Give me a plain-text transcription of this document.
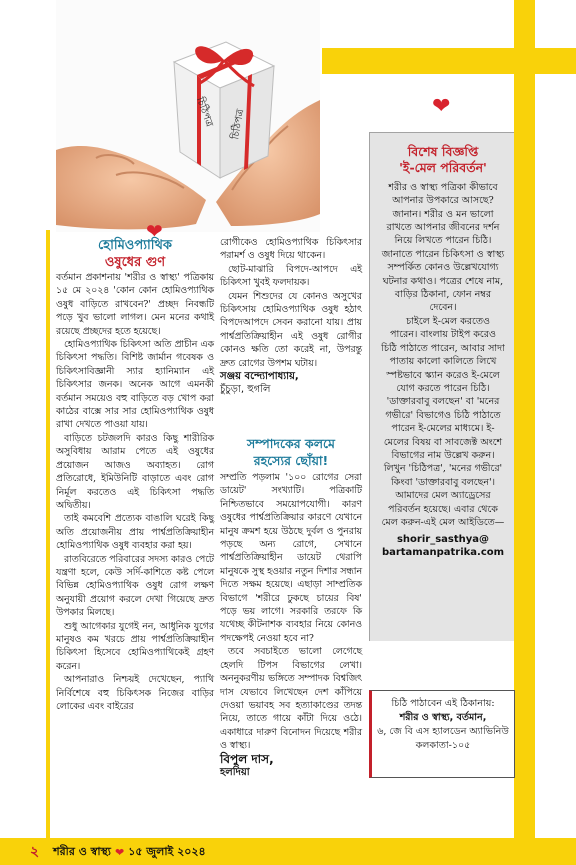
চিঠিপত্র চিঠিপত্র
❤
❤
হোমিওপ্যাথিক
ওষুধের গুণ

বর্তমান প্রকাশনায় 'শরীর ও স্বাস্থ্য' পত্রিকায় ১৫ মে ২০২৪ 'কোন কোন হোমিওপ্যাথিক ওষুধ বাড়িতে রাখবেন?' প্রচ্ছদ নিবন্ধটি পড়ে খুব ভালো লাগল। মেন মনের কথাই রয়েছে প্রচ্ছদের হতে হয়েছে।

হোমিওপ্যাথিক চিকিৎসা অতি প্রাচীন এক চিকিৎসা পদ্ধতি। বিশিষ্ট জার্মান গবেষক ও চিকিৎসাবিজ্ঞানী স্যার হ্যানিম্যান এই চিকিৎসার জনক। অনেক আগে এমনকী বর্তমান সময়েও বহু বাড়িতে বড় খোপ করা কাঠের বাক্সে সার সার হোমিওপ্যাথিক ওষুধ রাখা দেখতে পাওয়া যায়।

বাড়িতে চটজলদি কারও কিছু শারীরিক অসুবিধায় আরাম পেতে এই ওষুধের প্রয়োজন আজও অব্যাহত। রোগ প্রতিরোধে, ইমিউনিটি বাড়াতে এবং রোগ নির্মূল করতেও এই চিকিৎসা পদ্ধতি অদ্বিতীয়।

তাই কমবেশি প্রত্যেক বাঙালি ঘরেই কিছু অতি প্রয়োজনীয় প্রায় পার্শ্বপ্রতিক্রিয়াহীন হোমিওপ্যাথিক ওষুধ ব্যবহার করা হয়।

রাতবিরেতে পরিবারের সদস্য কারও পেটে যন্ত্রণা হলে, কেউ সর্দি-কাশিতে কষ্ট পেলে বিভিন্ন হোমিওপ্যাথিক ওষুধ রোগ লক্ষণ অনুযায়ী প্রয়োগ করলে দেখা গিয়েছে দ্রুত উপকার মিলছে।

শুধু আগেকার যুগেই নন, আধুনিক যুগের মানুষও কম খরচে প্রায় পার্শ্বপ্রতিক্রিয়াহীন চিকিৎসা হিসেবে হোমিওপ্যাথিকেই গ্রহণ করেন।

আপনারাও নিশ্চয়ই দেখেছেন, প্যাথি নির্বিশেষে বহু চিকিৎসক নিজের বাড়ির লোকের এবং বাইরের

রোগীকেও হোমিওপ্যাথিক চিকিৎসার পরামর্শ ও ওষুধ দিয়ে থাকেন।

ছোট-মাঝারি বিপদে-আপদে এই চিকিৎসা খুবই ফলদায়ক।

যেমন শিশুদের যে কোনও অসুখের চিকিৎসায় হোমিওপ্যাথিক ওষুধ হঠাৎ বিপদেআপদে সেবন করানো যায়। প্রায় পার্শ্বপ্রতিক্রিয়াহীন এই ওষুধ রোগীর কোনও ক্ষতি তো করেই না, উপরন্তু দ্রুত রোগের উপশম ঘটায়।

সঞ্জয় বন্দ্যোপাধ্যায়,

চুঁচুড়া, হুগলি

সম্পাদকের কলমে
রহস্যের ছোঁয়া!

সম্প্রতি পড়লাম '১০০ রোগের সেরা ডায়েট' সংখ্যাটি। পত্রিকাটি নিশ্চিতভাবে সময়োপযোগী। কারণ ওষুধের পার্শ্বপ্রতিক্রিয়ার কারণে যেখানে মানুষ ক্রমশ হয়ে উঠছে দুর্বল ও পুনরায় পড়ছে অন্য রোগে, সেখানে পার্শ্বপ্রতিক্রিয়াহীন ডায়েট থেরাপি মানুষকে সুস্থ হওয়ার নতুন দিশার সন্ধান দিতে সক্ষম হয়েছে। এছাড়া সাম্প্রতিক বিভাগে 'শরীরে ঢুকছে চায়ের বিষ' পড়ে ভয় লাগে। সরকারি তরফে কি যথেচ্ছ কীটনাশক ব্যবহার নিয়ে কোনও পদক্ষেপই নেওয়া হবে না?

তবে সবচাইতে ভালো লেগেছে হেলদি টিপস বিভাগের লেখা। অননুকরণীয় ভঙ্গিতে সম্পাদক বিশ্বজিৎ দাস যেভাবে লিখেছেন দেশ কাঁপিয়ে দেওয়া ভয়াবহ সব হত্যাকাণ্ডের তদন্ত নিয়ে, তাতে গায়ে কাঁটা দিয়ে ওঠে। একাধারে দারুণ বিনোদন দিয়েছে শরীর ও স্বাস্থ্য।

বিপুল দাস,

হলদিয়া

বিশেষ বিজ্ঞপ্তি
'ই-মেল পরিবর্তন'

শরীর ও স্বাস্থ্য পত্রিকা কীভাবে আপনার উপকারে আসছে? জানান। শরীর ও মন ভালো রাখতে আপনার জীবনের দর্শন নিয়ে লিখতে পারেন চিঠি। জানাতে পারেন চিকিৎসা ও স্বাস্থ্য সম্পর্কিত কোনও উল্লেখযোগ্য ঘটনার কথাও। পত্রের শেষে নাম, বাড়ির ঠিকানা, ফোন নম্বর দেবেন।

চাইলে ই-মেল করতেও পারেন। বাংলায় টাইপ করেও চিঠি পাঠাতে পারেন, আবার সাদা পাতায় কালো কালিতে লিখে স্পষ্টভাবে স্ক্যান করেও ই-মেলে যোগ করতে পারেন চিঠি।

'ডাক্তারবাবু বলছেন' বা 'মনের গভীরে' বিভাগেও চিঠি পাঠাতে পারেন ই-মেলের মাধ্যমে। ই-মেলের বিষয় বা সাবজেক্ট অংশে বিভাগের নাম উল্লেখ করুন। লিখুন 'চিঠিপত্র', 'মনের গভীরে' কিংবা 'ডাক্তারবাবু বলছেন'। আমাদের মেল অ্যাড্রেসের পরিবর্তন হয়েছে। এবার থেকে মেল করুন-এই মেল আইডিতে—

shorir_sasthya@
bartamanpatrika.com
চিঠি পাঠাবেন এই ঠিকানায়:
শরীর ও স্বাস্থ্য, বর্তমান,
৬, জে বি এস হ্যালডেন অ্যাভিনিউ
কলকাতা-১০৫
২ শরীর ও স্বাস্থ্য ❤ ১৫ জুলাই ২০২৪
